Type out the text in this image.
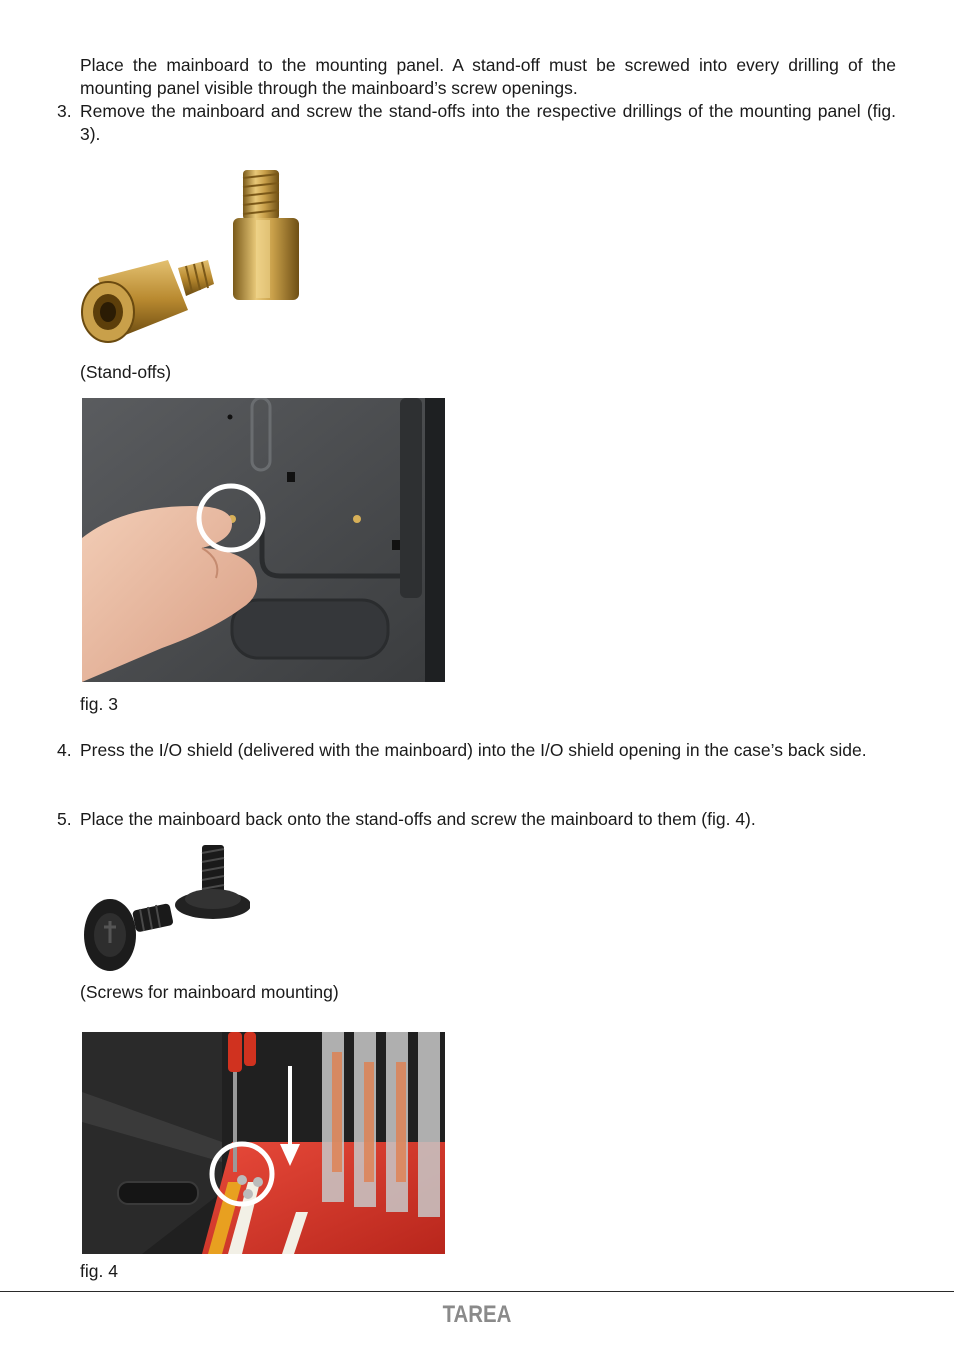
Place the mainboard to the mounting panel. A stand-off must be screwed into every drilling of the mounting panel visible through the mainboard’s screw openings.

3. Remove the mainboard and screw the stand-offs into the respective drillings of the mounting panel (fig. 3).

(Stand-offs)

fig. 3

4. Press the I/O shield (delivered with the mainboard) into the I/O shield opening in the case’s back side.

5. Place the mainboard back onto the stand-offs and screw the mainboard to them (fig. 4).

(Screws for mainboard mounting)

fig. 4

TAREA
